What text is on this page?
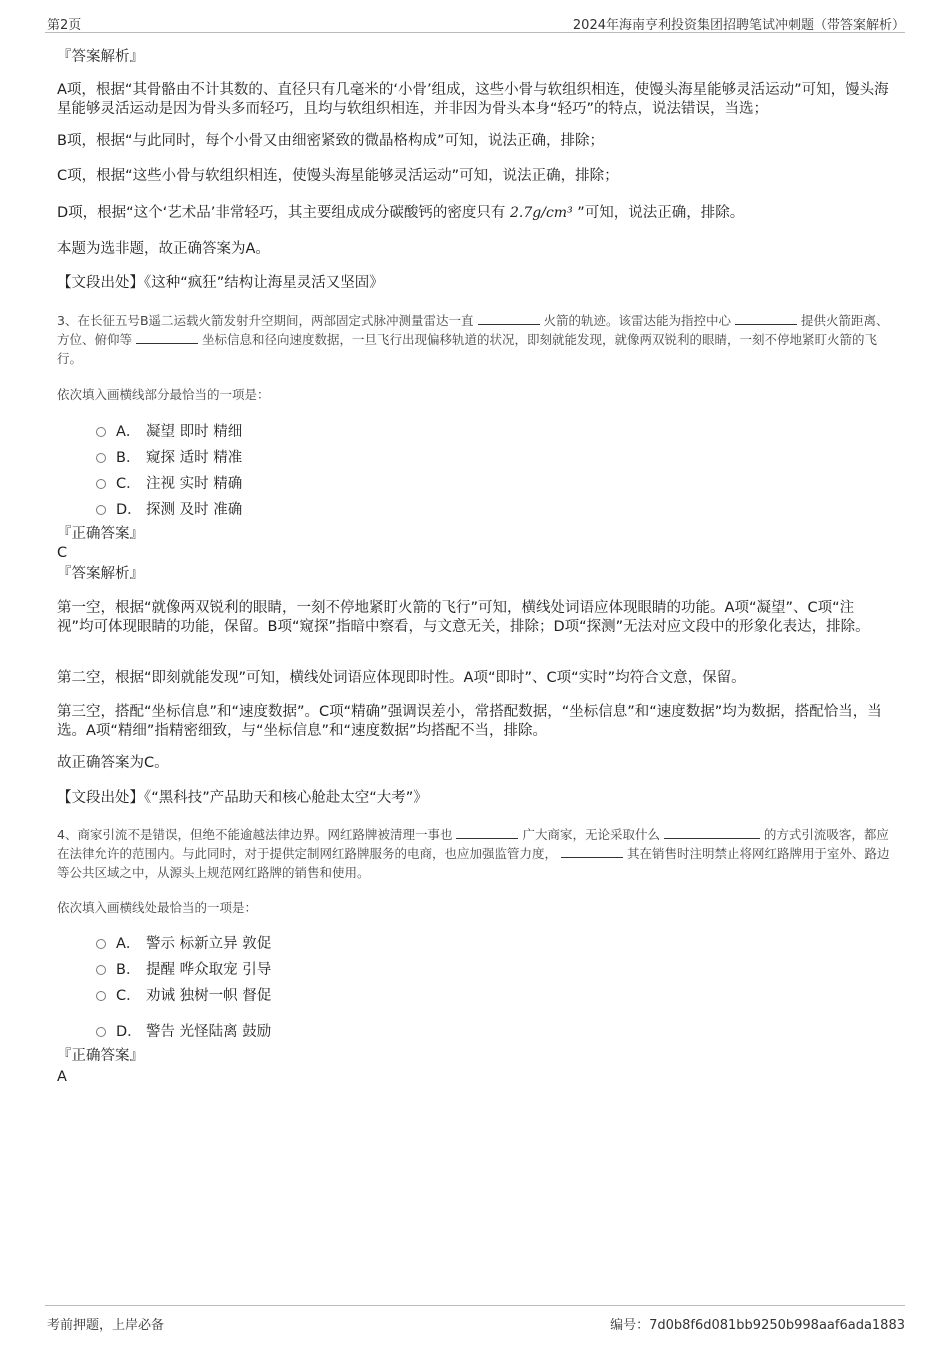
第2页	2024年海南亨利投资集团招聘笔试冲刺题（带答案解析）
『答案解析』
A项，根据“其骨骼由不计其数的、直径只有几毫米的‘小骨’组成，这些小骨与软组织相连，使馒头海星能够灵活运动”可知，馒头海星能够灵活运动是因为骨头多而轻巧，且均与软组织相连，并非因为骨头本身“轻巧”的特点，说法错误，当选；
B项，根据“与此同时，每个小骨又由细密紧致的微晶格构成”可知，说法正确，排除；
C项，根据“这些小骨与软组织相连，使馒头海星能够灵活运动”可知，说法正确，排除；
D项，根据“这个‘艺术品’非常轻巧，其主要组成成分碳酸钙的密度只有 2.7g/cm³ ”可知，说法正确，排除。
本题为选非题，故正确答案为A。
【文段出处】《这种“疯狂”结构让海星灵活又坚固》
3、在长征五号B遥二运载火箭发射升空期间，两部固定式脉冲测量雷达一直	火箭的轨迹。该雷达能为指控中心	提供火箭距离、方位、俯仰等	坐标信息和径向速度数据，一旦飞行出现偏移轨道的状况，即刻就能发现，就像两双锐利的眼睛，一刻不停地紧盯火箭的飞行。
依次填入画横线部分最恰当的一项是：
A． 凝望 即时 精细
B． 窥探 适时 精准
C． 注视 实时 精确
D． 探测 及时 准确
『正确答案』
C
『答案解析』
第一空，根据“就像两双锐利的眼睛，一刻不停地紧盯火箭的飞行”可知，横线处词语应体现眼睛的功能。A项“凝望”、C项“注视”均可体现眼睛的功能，保留。B项“窥探”指暗中察看，与文意无关，排除；D项“探测”无法对应文段中的形象化表达，排除。
第二空，根据“即刻就能发现”可知，横线处词语应体现即时性。A项“即时”、C项“实时”均符合文意，保留。
第三空，搭配“坐标信息”和“速度数据”。C项“精确”强调误差小，常搭配数据，“坐标信息”和“速度数据”均为数据，搭配恰当，当选。A项“精细”指精密细致，与“坐标信息”和“速度数据”均搭配不当，排除。
故正确答案为C。
【文段出处】《“黑科技”产品助天和核心舱赴太空“大考”》
4、商家引流不是错误，但绝不能逾越法律边界。网红路牌被清理一事也	广大商家，无论采取什么	的方式引流吸客，都应在法律允许的范围内。与此同时，对于提供定制网红路牌服务的电商，也应加强监管力度，	其在销售时注明禁止将网红路牌用于室外、路边等公共区域之中，从源头上规范网红路牌的销售和使用。
依次填入画横线处最恰当的一项是：
A． 警示 标新立异 敦促
B． 提醒 哗众取宠 引导
C． 劝诫 独树一帜 督促
D． 警告 光怪陆离 鼓励
『正确答案』
A
考前押题，上岸必备	编号：7d0b8f6d081bb9250b998aaf6ada1883
